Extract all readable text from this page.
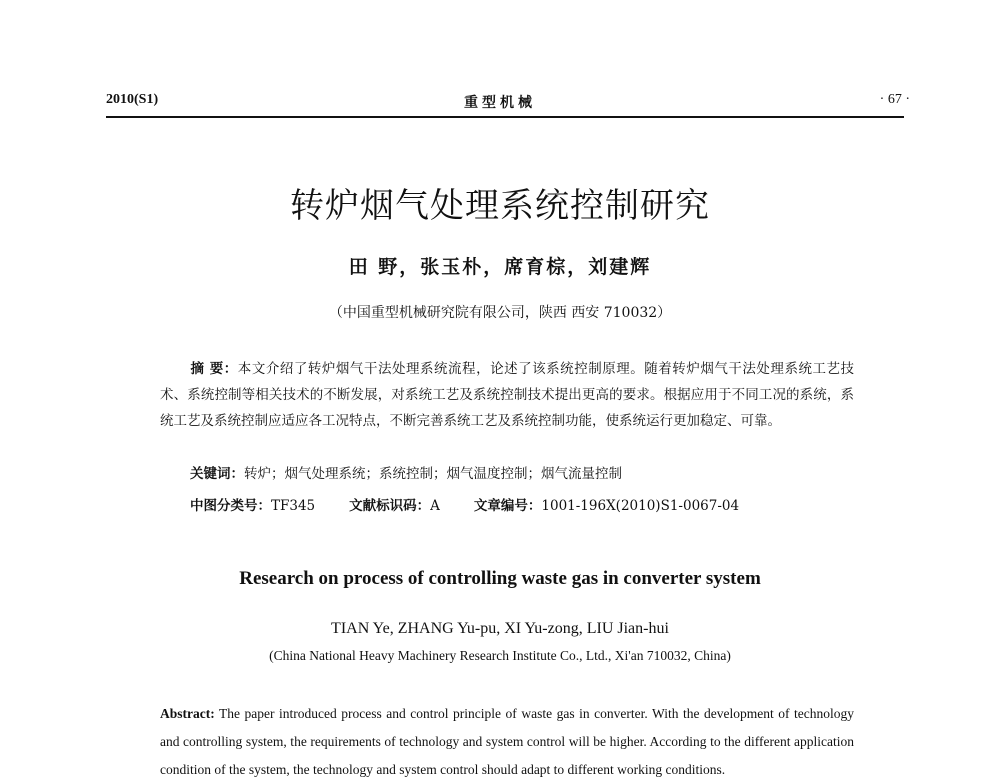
2010(S1)	重型机械	· 67 ·
转炉烟气处理系统控制研究
田 野，张玉朴，席育棕，刘建辉
（中国重型机械研究院有限公司，陕西 西安 710032）

摘 要：本文介绍了转炉烟气干法处理系统流程，论述了该系统控制原理。随着转炉烟气干法处理系统工艺技术、系统控制等相关技术的不断发展，对系统工艺及系统控制技术提出更高的要求。根据应用于不同工况的系统，系统工艺及系统控制应适应各工况特点，不断完善系统工艺及系统控制功能，使系统运行更加稳定、可靠。

关键词：转炉；烟气处理系统；系统控制；烟气温度控制；烟气流量控制
中图分类号：TF345	文献标识码：A	文章编号：1001-196X(2010)S1-0067-04
Research on process of controlling waste gas in converter system
TIAN Ye, ZHANG Yu-pu, XI Yu-zong, LIU Jian-hui
(China National Heavy Machinery Research Institute Co., Ltd., Xi'an 710032, China)

Abstract: The paper introduced process and control principle of waste gas in converter. With the development of technology and controlling system, the requirements of technology and system control will be higher. According to the different application condition of the system, the technology and system control should adapt to different working conditions.
